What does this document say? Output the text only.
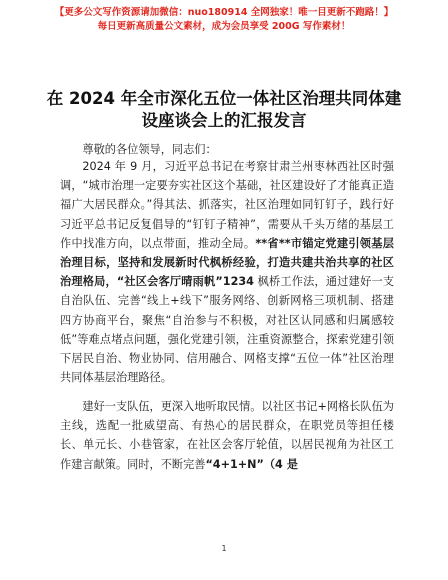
【更多公文写作资源请加微信：nuo180914 全网独家！唯一目更新不跑路！】
每日更新高质量公文素材，成为会员享受 200G 写作素材！
在 2024 年全市深化五位一体社区治理共同体建设座谈会上的汇报发言

尊敬的各位领导，同志们：

2024 年 9 月，习近平总书记在考察甘肃兰州枣林西社区时强调，“城市治理一定要夯实社区这个基础，社区建设好了才能真正造福广大居民群众。”得其法、抓落实，社区治理如同钉钉子，践行好习近平总书记反复倡导的“钉钉子精神”，需要从千头万绪的基层工作中找准方向，以点带面，推动全局。**省**市锚定党建引领基层治理目标，坚持和发展新时代枫桥经验，打造共建共治共享的社区治理格局，“社区会客厅晴雨帆”1234 枫桥工作法，通过建好一支自治队伍、完善“线上+线下”服务网络、创新网格三项机制、搭建四方协商平台，聚焦“自治参与不积极，对社区认同感和归属感较低”等难点堵点问题，强化党建引领，注重资源整合，探索党建引领下居民自治、物业协同、信用融合、网格支撑“五位一体”社区治理共同体基层治理路径。

建好一支队伍，更深入地听取民情。以社区书记+网格长队伍为主线，选配一批威望高、有热心的居民群众，在职党员等担任楼长、单元长、小巷管家，在社区会客厅轮值，以居民视角为社区工作建言献策。同时，不断完善“4+1+N”（4 是

1
